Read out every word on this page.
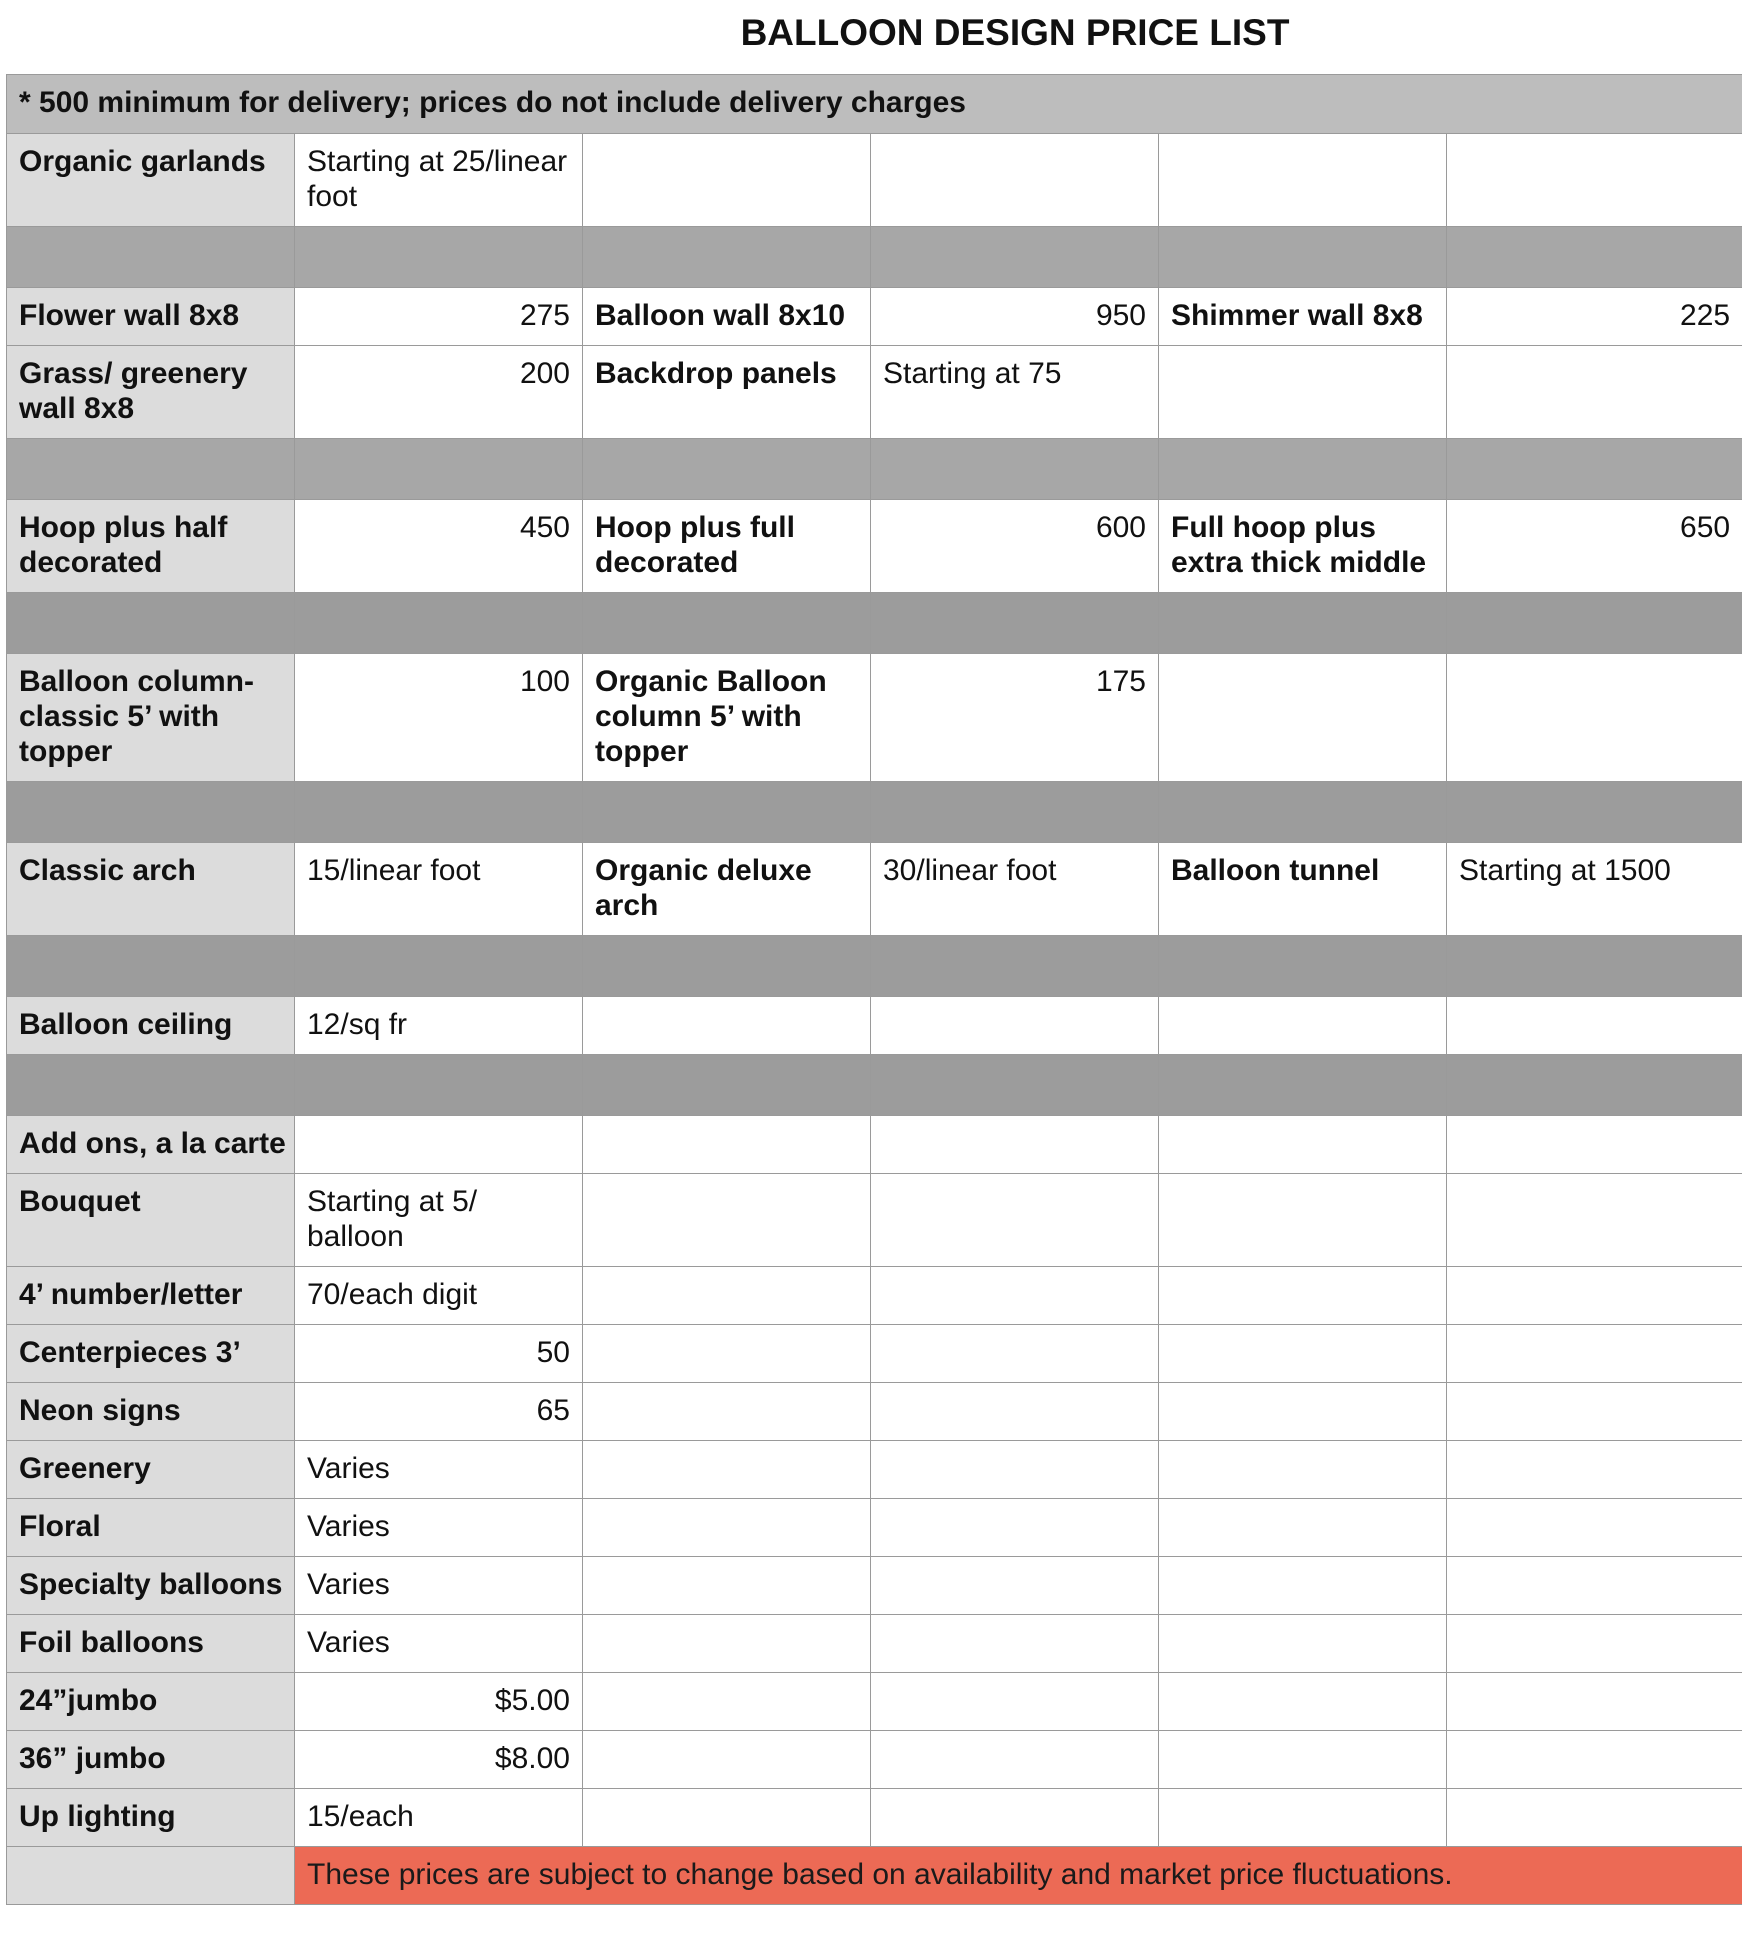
BALLOON DESIGN PRICE LIST
* 500 minimum for delivery; prices do not include delivery charges					
Organic garlands	Starting at 25/linear foot				

Flower wall 8x8	275	Balloon wall 8x10	950	Shimmer wall 8x8	225
Grass/ greenery wall 8x8	200	Backdrop panels	Starting at 75		

Hoop plus half decorated	450	Hoop plus full decorated	600	Full hoop plus extra thick middle	650

Balloon column- classic 5’ with topper	100	Organic Balloon column 5’ with topper	175		

Classic arch	15/linear foot	Organic deluxe arch	30/linear foot	Balloon tunnel	Starting at 1500

Balloon ceiling	12/sq fr				

Add ons, a la carte					
Bouquet	Starting at 5/ balloon				
4’ number/letter	70/each digit				
Centerpieces 3’	50				
Neon signs	65				
Greenery	Varies				
Floral	Varies				
Specialty balloons	Varies				
Foil balloons	Varies				
24”jumbo	$5.00				
36” jumbo	$8.00				
Up lighting	15/each				
	These prices are subject to change based on availability and market price fluctuations.				
